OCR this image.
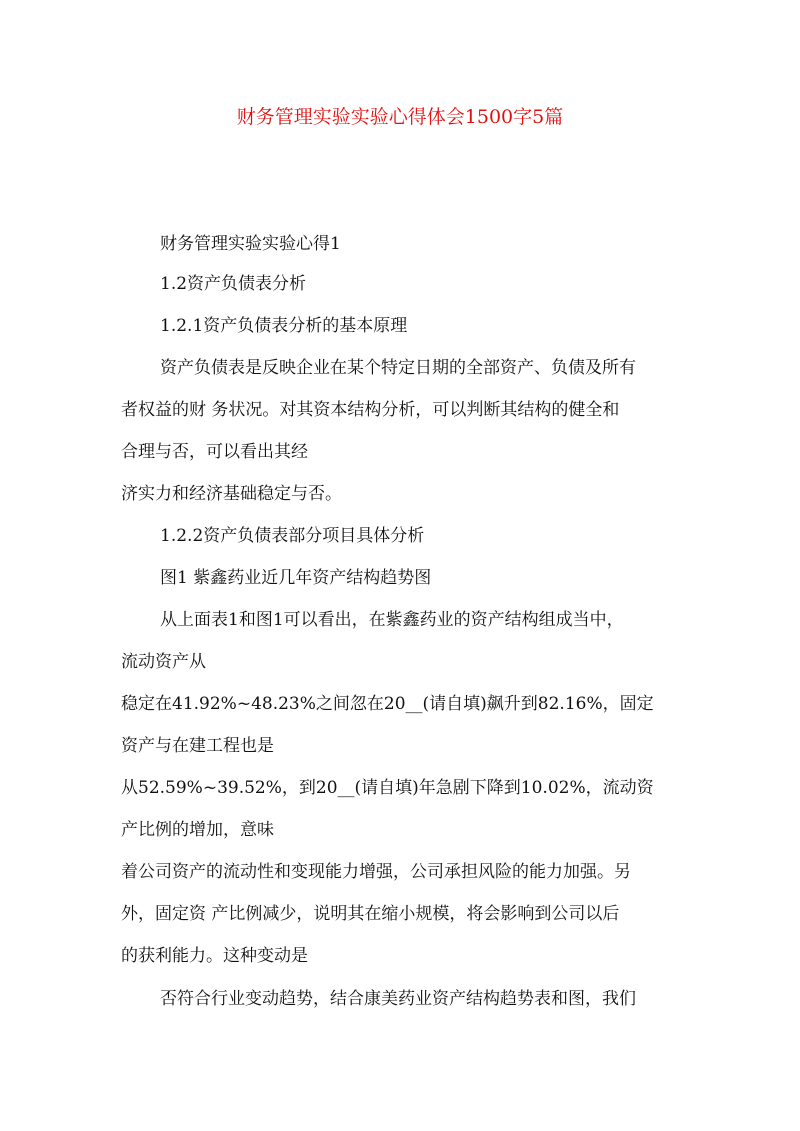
财务管理实验实验心得体会1500字5篇
财务管理实验实验心得1
1.2资产负债表分析
1.2.1资产负债表分析的基本原理
资产负债表是反映企业在某个特定日期的全部资产、负债及所有
者权益的财 务状况。对其资本结构分析，可以判断其结构的健全和
合理与否，可以看出其经
济实力和经济基础稳定与否。
1.2.2资产负债表部分项目具体分析
图1 紫鑫药业近几年资产结构趋势图
从上面表1和图1可以看出，在紫鑫药业的资产结构组成当中，
流动资产从
稳定在41.92%~48.23%之间忽在20__(请自填)飙升到82.16%，固定
资产与在建工程也是
从52.59%~39.52%，到20__(请自填)年急剧下降到10.02%，流动资
产比例的增加，意味
着公司资产的流动性和变现能力增强，公司承担风险的能力加强。另
外，固定资 产比例减少，说明其在缩小规模，将会影响到公司以后
的获利能力。这种变动是
否符合行业变动趋势，结合康美药业资产结构趋势表和图，我们
